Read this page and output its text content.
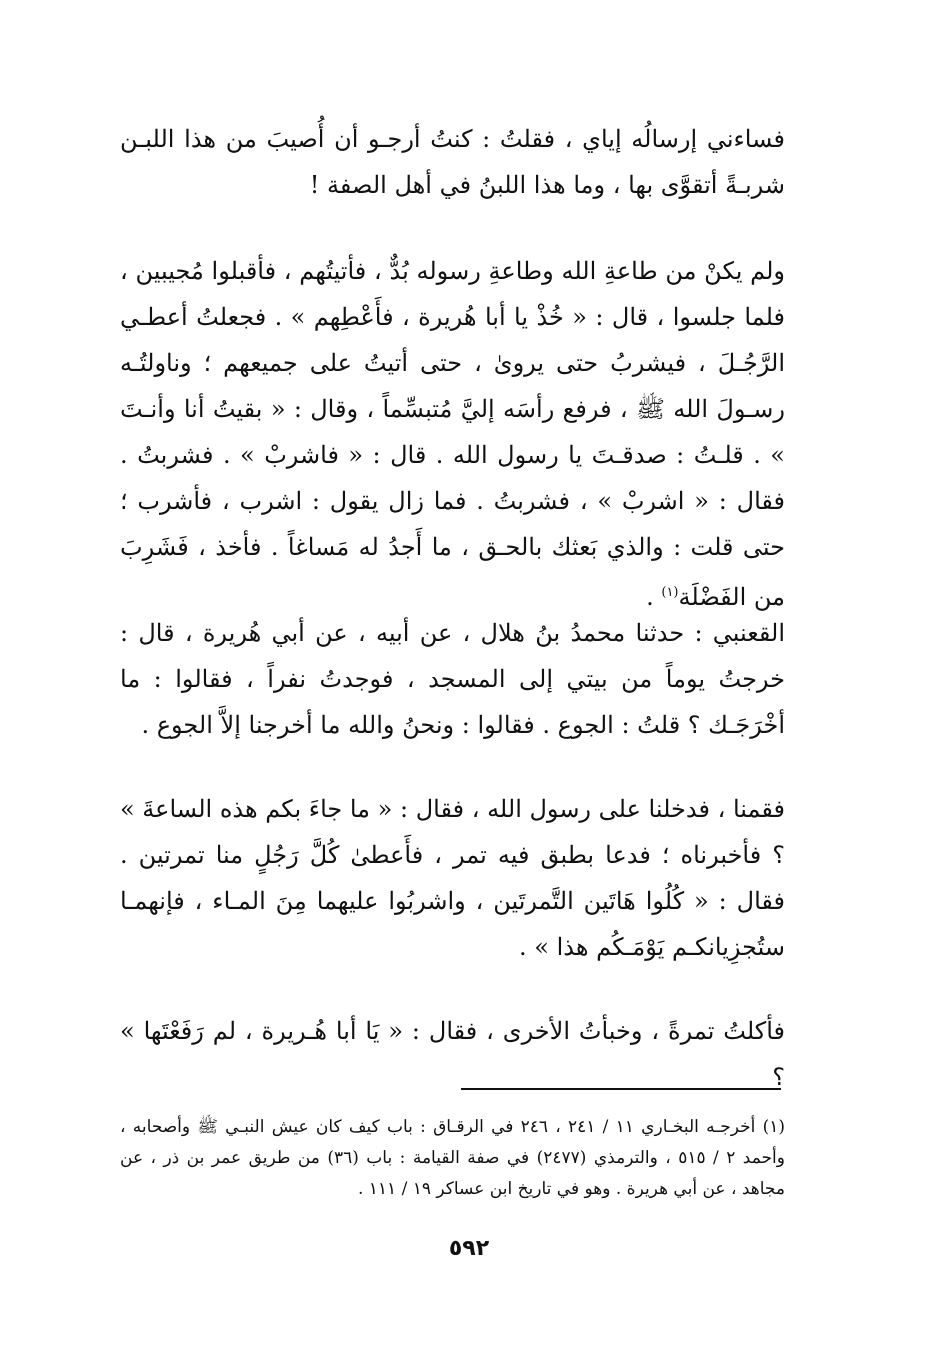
فساءني إرسالُه إياي ، فقلتُ : كنتُ أرجـو أن أُصيبَ من هذا اللبـن شربـةً أتقوَّى بها ، وما هذا اللبنُ في أهل الصفة !

ولم يكنْ من طاعةِ الله وطاعةِ رسوله بُدٌّ ، فأتيتُهم ، فأقبلوا مُجيبين ، فلما جلسوا ، قال : « خُذْ يا أبا هُريرة ، فأَعْطِهم » . فجعلتُ أعطـي الرَّجُـلَ ، فيشربُ حتى يروىٰ ، حتى أتيتُ على جميعهم ؛ وناولتُـه رسـولَ الله ﷺ ، فرفع رأسَه إليَّ مُتبسِّماً ، وقال : « بقيتُ أنا وأنـتَ » . قلـتُ : صدقـتَ يا رسول الله . قال : « فاشربْ » . فشربتُ . فقال : « اشربْ » ، فشربتُ . فما زال يقول : اشرب ، فأشرب ؛ حتى قلت : والذي بَعثك بالحـق ، ما أَجدُ له مَساغاً . فأخذ ، فَشَرِبَ من الفَضْلَة$^{(١)}$ .

القعنبي : حدثنا محمدُ بنُ هلال ، عن أبيه ، عن أبي هُريرة ، قال : خرجتُ يوماً من بيتي إلى المسجد ، فوجدتُ نفراً ، فقالوا : ما أخْرَجَـك ؟ قلتُ : الجوع . فقالوا : ونحنُ والله ما أخرجنا إلاَّ الجوع .

فقمنا ، فدخلنا على رسول الله ، فقال : « ما جاءَ بكم هذه الساعةَ » ؟ فأخبرناه ؛ فدعا بطبق فيه تمر ، فأَعطىٰ كُلَّ رَجُلٍ منا تمرتين . فقال : « كُلُوا هَاتَين التَّمرتَين ، واشربُوا عليهما مِنَ المـاء ، فإنهمـا ستُجزِيانكـم يَوْمَـكُم هذا » .

فأكلتُ تمرةً ، وخبأتُ الأخرى ، فقال : « يَا أبا هُـريرة ، لم رَفَعْتَها » ؟

(١) أخرجـه البخـاري ١١ / ٢٤١ ، ٢٤٦ في الرقـاق : باب كيف كان عيش النبـي ﷺ وأصحابه ، وأحمد ٢ / ٥١٥ ، والترمذي (٢٤٧٧) في صفة القيامة : باب (٣٦) من طريق عمر بن ذر ، عن مجاهد ، عن أبي هريرة . وهو في تاريخ ابن عساكر ١٩ / ١١١ .

٥٩٢
